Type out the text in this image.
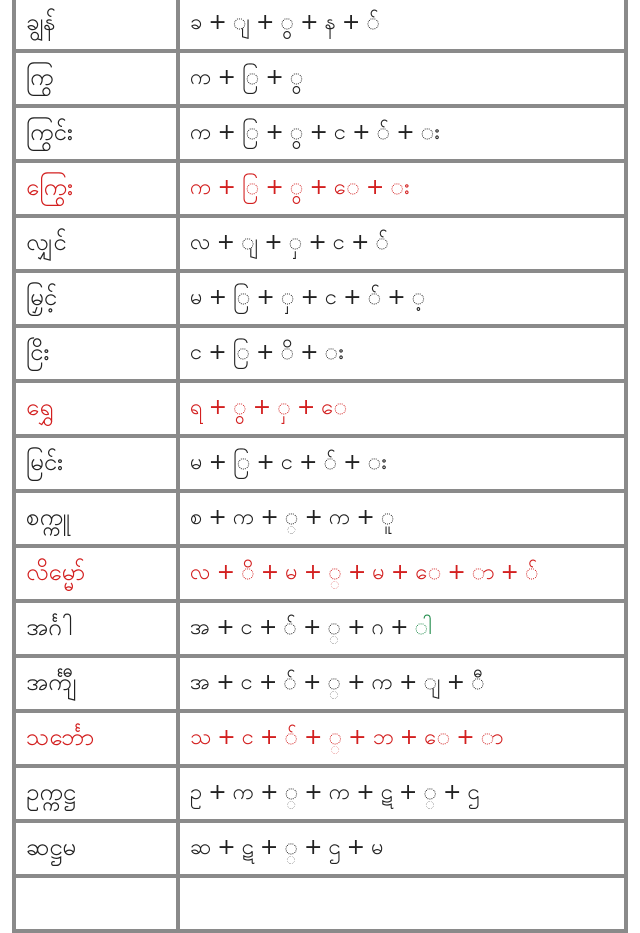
ချွန်	ခ + ျ + ွ + န + ်
ကြွ	က + ြ + ွ
ကြွင်း	က + ြ + ွ + င + ် + း
ကြွေး	က + ြ + ွ + ေ + း
လျှင်	လ + ျ + ှ + င + ်
မြှင့်	မ + ြ + ှ + င + ် + ့
ငြိး	င + ြ + ိ + း
ရွှေ	ရ + ွ + ှ + ေ
မြင်း	မ + ြ + င + ် + း
စက္ကူ	စ + က + ္ + က + ူ
လိမ္မော်	လ + ိ + မ + ္ + မ + ေ + ာ + ်
အင်္ဂါ	အ + င + ် + ္ + ဂ + ါ
အင်္ကျီ	အ + င + ် + ္ + က + ျ + ီ
သင်္ဘော	သ + င + ် + ္ + ဘ + ေ + ာ
ဥက္ကဋ္ဌ	ဥ + က + ္ + က + ဋ + ္ + ဌ
ဆဋ္ဌမ	ဆ + ဋ + ္ + ဌ + မ
